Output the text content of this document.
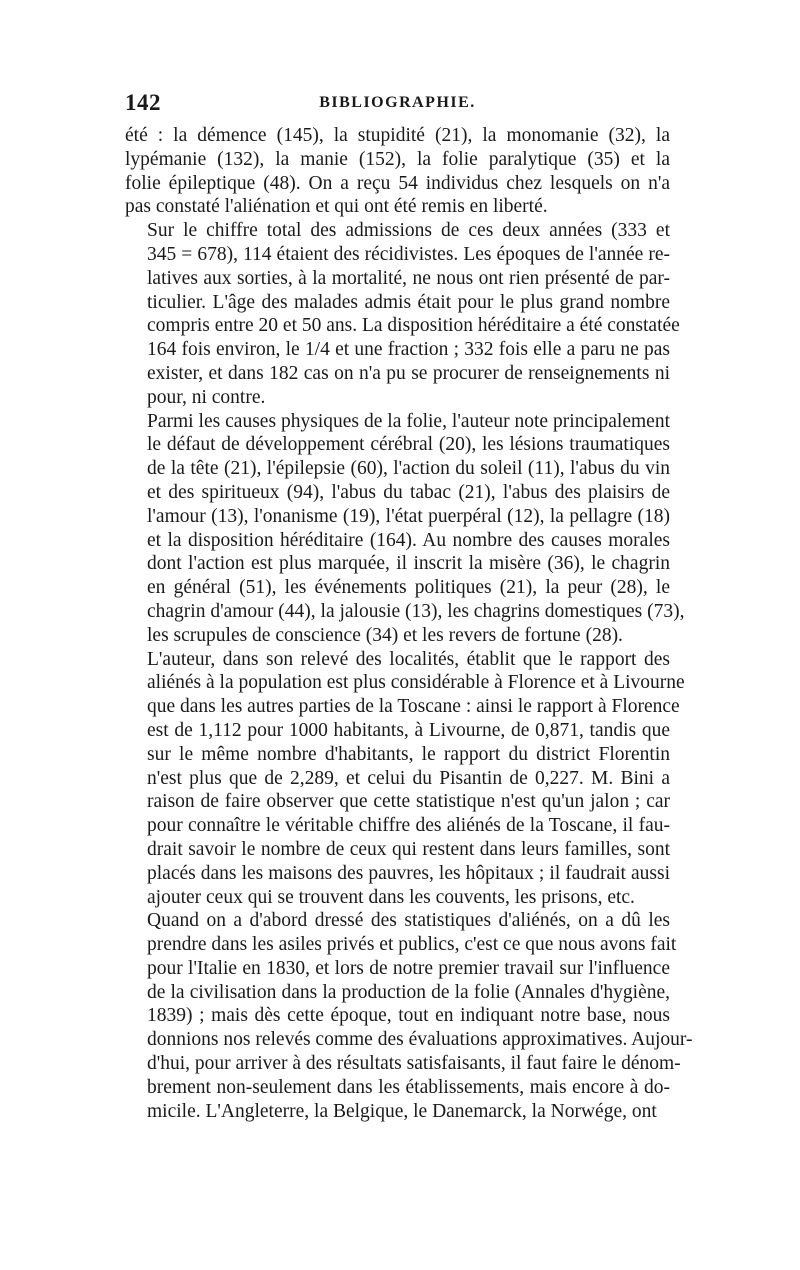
142	BIBLIOGRAPHIE.

été : la démence (145), la stupidité (21), la monomanie (32), la
lypémanie (132), la manie (152), la folie paralytique (35) et la
folie épileptique (48). On a reçu 54 individus chez lesquels on n'a
pas constaté l'aliénation et qui ont été remis en liberté.

Sur le chiffre total des admissions de ces deux années (333 et
345 = 678), 114 étaient des récidivistes. Les époques de l'année re-
latives aux sorties, à la mortalité, ne nous ont rien présenté de par-
ticulier. L'âge des malades admis était pour le plus grand nombre
compris entre 20 et 50 ans. La disposition héréditaire a été constatée
164 fois environ, le 1/4 et une fraction ; 332 fois elle a paru ne pas
exister, et dans 182 cas on n'a pu se procurer de renseignements ni
pour, ni contre.

Parmi les causes physiques de la folie, l'auteur note principalement
le défaut de développement cérébral (20), les lésions traumatiques
de la tête (21), l'épilepsie (60), l'action du soleil (11), l'abus du vin
et des spiritueux (94), l'abus du tabac (21), l'abus des plaisirs de
l'amour (13), l'onanisme (19), l'état puerpéral (12), la pellagre (18)
et la disposition héréditaire (164). Au nombre des causes morales
dont l'action est plus marquée, il inscrit la misère (36), le chagrin
en général (51), les événements politiques (21), la peur (28), le
chagrin d'amour (44), la jalousie (13), les chagrins domestiques (73),
les scrupules de conscience (34) et les revers de fortune (28).

L'auteur, dans son relevé des localités, établit que le rapport des
aliénés à la population est plus considérable à Florence et à Livourne
que dans les autres parties de la Toscane : ainsi le rapport à Florence
est de 1,112 pour 1000 habitants, à Livourne, de 0,871, tandis que
sur le même nombre d'habitants, le rapport du district Florentin
n'est plus que de 2,289, et celui du Pisantin de 0,227. M. Bini a
raison de faire observer que cette statistique n'est qu'un jalon ; car
pour connaître le véritable chiffre des aliénés de la Toscane, il fau-
drait savoir le nombre de ceux qui restent dans leurs familles, sont
placés dans les maisons des pauvres, les hôpitaux ; il faudrait aussi
ajouter ceux qui se trouvent dans les couvents, les prisons, etc.

Quand on a d'abord dressé des statistiques d'aliénés, on a dû les
prendre dans les asiles privés et publics, c'est ce que nous avons fait
pour l'Italie en 1830, et lors de notre premier travail sur l'influence
de la civilisation dans la production de la folie (Annales d'hygiène,
1839) ; mais dès cette époque, tout en indiquant notre base, nous
donnions nos relevés comme des évaluations approximatives. Aujour-
d'hui, pour arriver à des résultats satisfaisants, il faut faire le dénom-
brement non-seulement dans les établissements, mais encore à do-
micile. L'Angleterre, la Belgique, le Danemarck, la Norwége, ont
